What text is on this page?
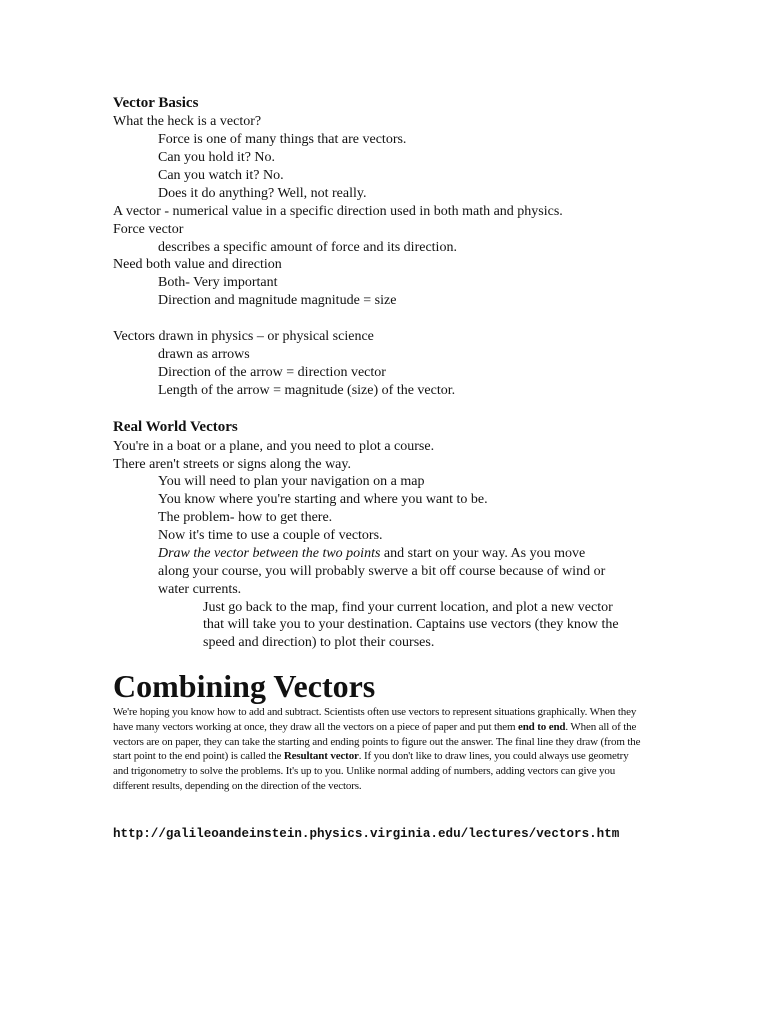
Vector Basics
What the heck is a vector?
Force is one of many things that are vectors.
Can you hold it? No.
Can you watch it? No.
Does it do anything? Well, not really.
A vector - numerical value in a specific direction used in both math and physics.
Force vector
describes a specific amount of force and its direction.
Need both value and direction
Both- Very important
Direction and magnitude magnitude = size
Vectors drawn in physics – or physical science
drawn as arrows
Direction of the arrow = direction vector
Length of the arrow = magnitude (size) of the vector.
Real World Vectors
You're in a boat or a plane, and you need to plot a course.
There aren't streets or signs along the way.
You will need to plan your navigation on a map
You know where you're starting and where you want to be.
The problem- how to get there.
Now it's time to use a couple of vectors.
Draw the vector between the two points and start on your way. As you move
along your course, you will probably swerve a bit off course because of wind or
water currents.
Just go back to the map, find your current location, and plot a new vector
that will take you to your destination. Captains use vectors (they know the
speed and direction) to plot their courses.
Combining Vectors
We're hoping you know how to add and subtract. Scientists often use vectors to represent situations graphically. When they have many vectors working at once, they draw all the vectors on a piece of paper and put them end to end. When all of the vectors are on paper, they can take the starting and ending points to figure out the answer. The final line they draw (from the start point to the end point) is called the Resultant vector. If you don't like to draw lines, you could always use geometry and trigonometry to solve the problems. It's up to you. Unlike normal adding of numbers, adding vectors can give you different results, depending on the direction of the vectors.
http://galileoandeinstein.physics.virginia.edu/lectures/vectors.htm
